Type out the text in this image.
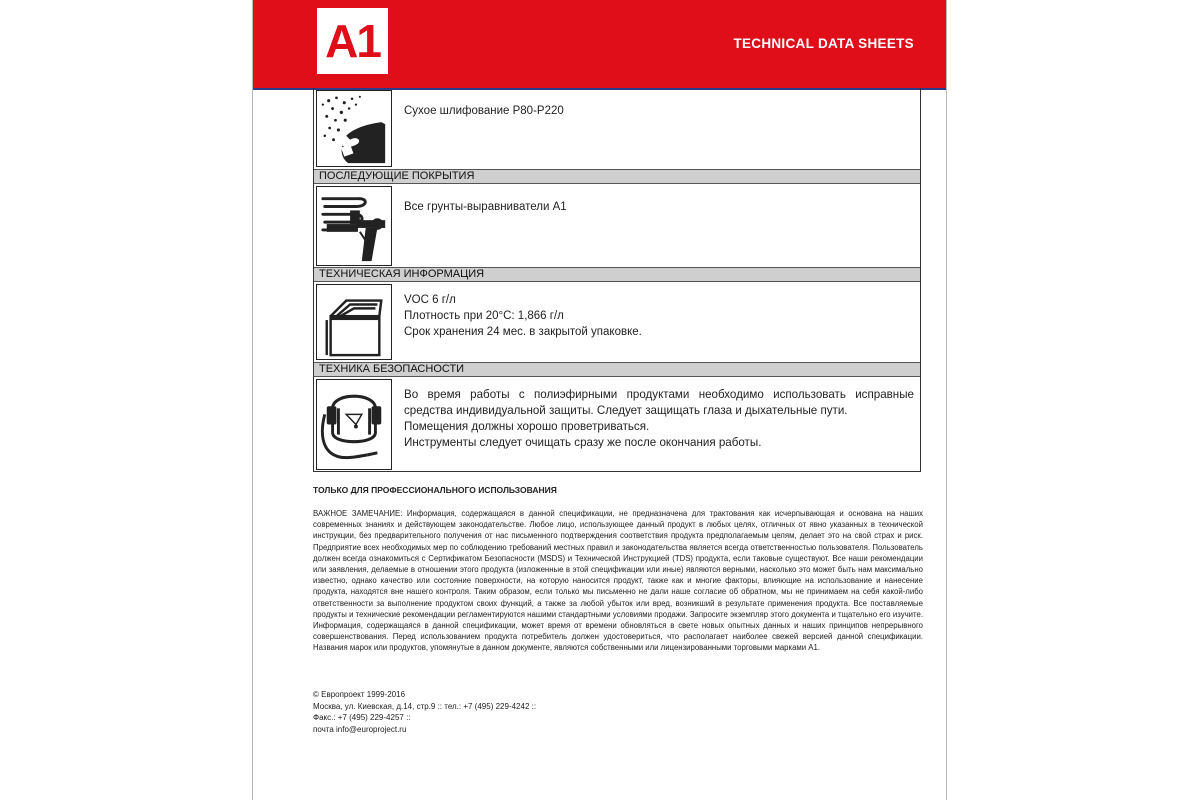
A1	TECHNICAL DATA SHEETS
Сухое шлифование Р80-Р220
ПОСЛЕДУЮЩИЕ ПОКРЫТИЯ
Все грунты-выравниватели А1
ТЕХНИЧЕСКАЯ ИНФОРМАЦИЯ
VOC 6 г/л
Плотность при 20°С: 1,866 г/л
Срок хранения 24 мес. в закрытой упаковке.
ТЕХНИКА БЕЗОПАСНОСТИ
Во время работы с полиэфирными продуктами необходимо использовать исправные средства индивидуальной защиты. Следует защищать глаза и дыхательные пути.
Помещения должны хорошо проветриваться.
Инструменты следует очищать сразу же после окончания работы.
ТОЛЬКО ДЛЯ ПРОФЕССИОНАЛЬНОГО ИСПОЛЬЗОВАНИЯ
ВАЖНОЕ ЗАМЕЧАНИЕ: Информация, содержащаяся в данной спецификации, не предназначена для трактования как исчерпывающая и основана на наших современных знаниях и действующем законодательстве. Любое лицо, использующее данный продукт в любых целях, отличных от явно указанных в технической инструкции, без предварительного получения от нас письменного подтверждения соответствия продукта предполагаемым целям, делает это на свой страх и риск. Предприятие всех необходимых мер по соблюдению требований местных правил и законодательства является всегда ответственностью пользователя. Пользователь должен всегда ознакомиться с Сертификатом Безопасности (MSDS) и Технической Инструкцией (TDS) продукта, если таковые существуют. Все наши рекомендации или заявления, делаемые в отношении этого продукта (изложенные в этой спецификации или иные) являются верными, насколько это может быть нам максимально известно, однако качество или состояние поверхности, на которую наносится продукт, также как и многие факторы, влияющие на использование и нанесение продукта, находятся вне нашего контроля. Таким образом, если только мы письменно не дали наше согласие об обратном, мы не принимаем на себя какой-либо ответственности за выполнение продуктом своих функций, а также за любой убыток или вред, возникший в результате применения продукта. Все поставляемые продукты и технические рекомендации регламентируются нашими стандартными условиями продажи. Запросите экземпляр этого документа и тщательно его изучите. Информация, содержащаяся в данной спецификации, может время от времени обновляться в свете новых опытных данных и наших принципов непрерывного совершенствования. Перед использованием продукта потребитель должен удостовериться, что располагает наиболее свежей версией данной спецификации. Названия марок или продуктов, упомянутые в данном документе, являются собственными или лицензированными торговыми марками А1.
© Европроект 1999-2016
Москва, ул. Киевская, д.14, стр.9 :: тел.: +7 (495) 229-4242 ::
Факс.: +7 (495) 229-4257 ::
почта info@europroject.ru
